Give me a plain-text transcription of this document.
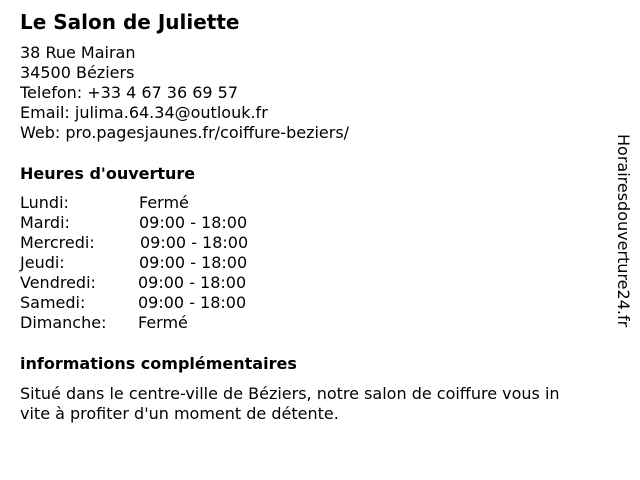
Le Salon de Juliette
38 Rue Mairan
34500 Béziers
Telefon: +33 4 67 36 69 57
Email: julima.64.34@outlouk.fr
Web: pro.pagesjaunes.fr/coiffure-beziers/
Heures d'ouverture
Lundi:	Fermé
Mardi:	09:00 - 18:00
Mercredi:	09:00 - 18:00
Jeudi:	09:00 - 18:00
Vendredi:	09:00 - 18:00
Samedi:	09:00 - 18:00
Dimanche: Fermé
informations complémentaires
Situé dans le centre-ville de Béziers, notre salon de coiffure vous in
vite à profiter d'un moment de détente.
Horairesdouverture24.fr
